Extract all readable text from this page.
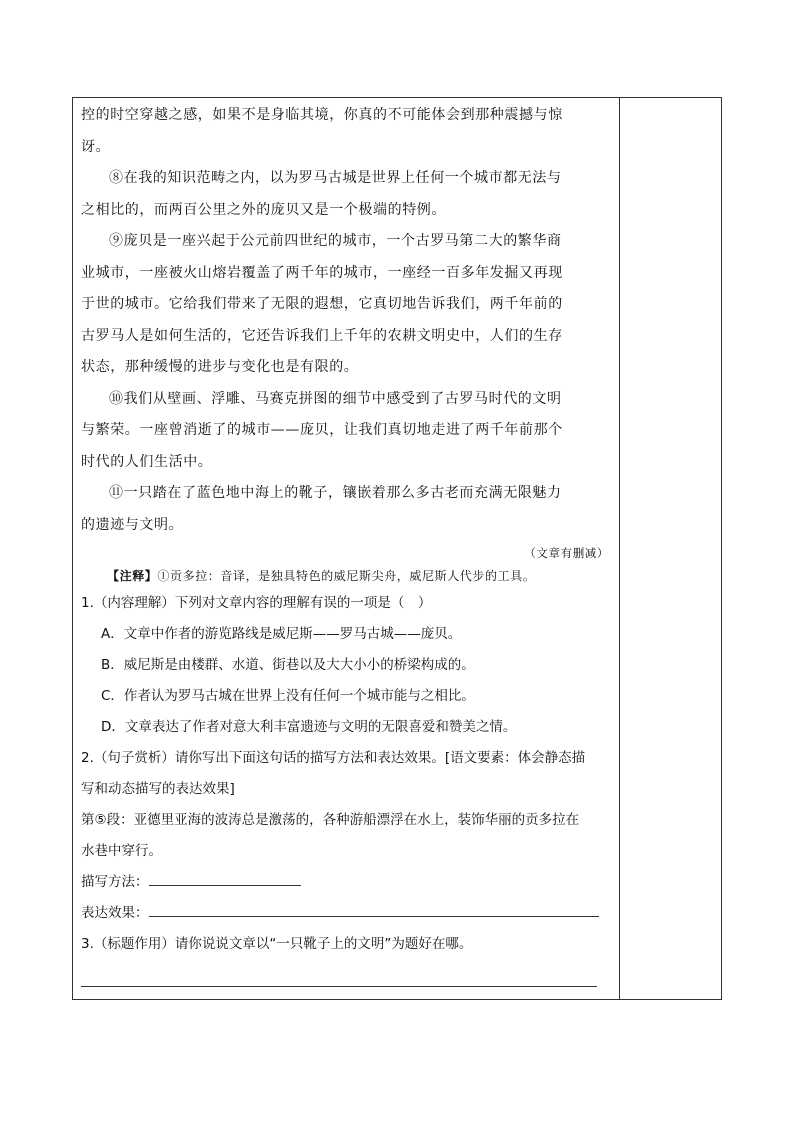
控的时空穿越之感，如果不是身临其境，你真的不可能体会到那种震撼与惊

讶。

⑧在我的知识范畴之内，以为罗马古城是世界上任何一个城市都无法与

之相比的，而两百公里之外的庞贝又是一个极端的特例。

⑨庞贝是一座兴起于公元前四世纪的城市，一个古罗马第二大的繁华商

业城市，一座被火山熔岩覆盖了两千年的城市，一座经一百多年发掘又再现

于世的城市。它给我们带来了无限的遐想，它真切地告诉我们，两千年前的

古罗马人是如何生活的，它还告诉我们上千年的农耕文明史中，人们的生存

状态，那种缓慢的进步与变化也是有限的。

⑩我们从壁画、浮雕、马赛克拼图的细节中感受到了古罗马时代的文明

与繁荣。一座曾消逝了的城市——庞贝，让我们真切地走进了两千年前那个

时代的人们生活中。

⑪一只踏在了蓝色地中海上的靴子，镶嵌着那么多古老而充满无限魅力

的遗迹与文明。

（文章有删减）

【注释】①贡多拉：音译，是独具特色的威尼斯尖舟，威尼斯人代步的工具。

1.（内容理解）下列对文章内容的理解有误的一项是（　）

A．文章中作者的游览路线是威尼斯——罗马古城——庞贝。

B．威尼斯是由楼群、水道、街巷以及大大小小的桥梁构成的。

C．作者认为罗马古城在世界上没有任何一个城市能与之相比。

D．文章表达了作者对意大利丰富遗迹与文明的无限喜爱和赞美之情。

2.（句子赏析）请你写出下面这句话的描写方法和表达效果。[语文要素：体会静态描

写和动态描写的表达效果]

第⑤段：亚德里亚海的波涛总是激荡的，各种游船漂浮在水上，装饰华丽的贡多拉在

水巷中穿行。

描写方法：

表达效果：

3.（标题作用）请你说说文章以“一只靴子上的文明”为题好在哪。
